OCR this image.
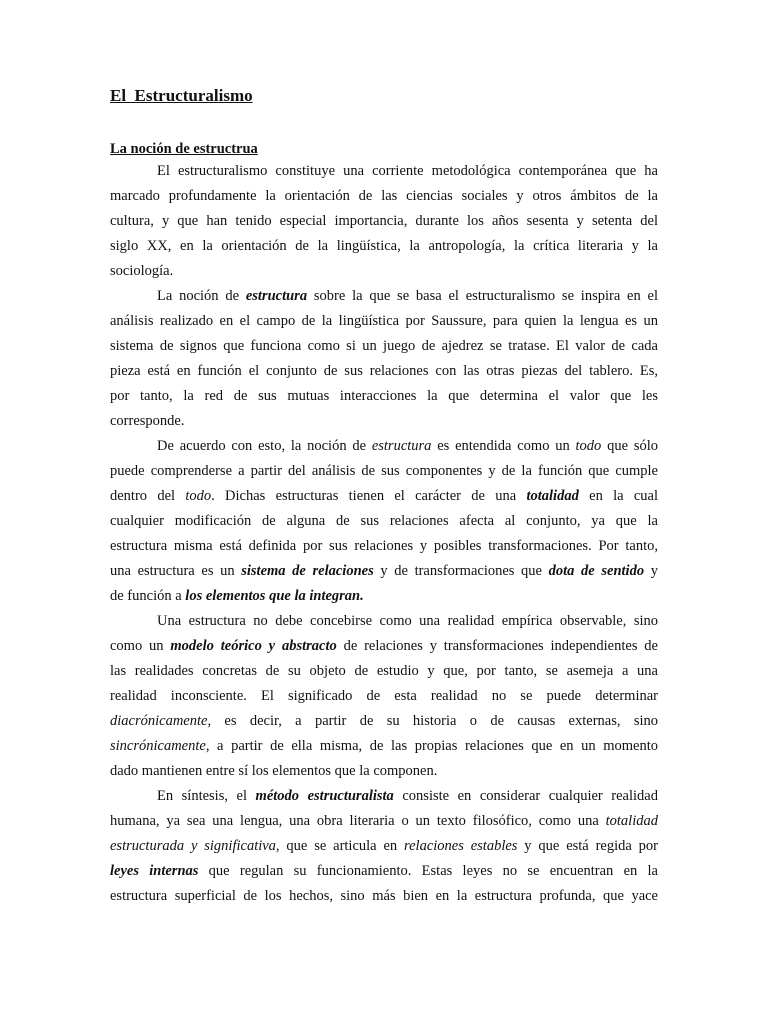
El  Estructuralismo
La noción de estructrua

El estructuralismo constituye una corriente metodológica contemporánea que ha

marcado profundamente la orientación de las ciencias sociales y otros ámbitos de la

cultura, y que han tenido especial importancia, durante los años sesenta y setenta del

siglo XX, en la orientación de la lingüística, la antropología, la crítica literaria y la

sociología.

La noción de estructura sobre la que se basa el estructuralismo se inspira en el

análisis realizado en el campo de la lingüística por Saussure, para quien la lengua es un

sistema de signos que funciona como si un juego de ajedrez se tratase. El valor de cada

pieza está en función el conjunto de sus relaciones con las otras piezas del tablero. Es,

por tanto, la red de sus mutuas interacciones la que determina el valor que les

corresponde.

De acuerdo con esto, la noción de estructura es entendida como un todo que sólo

puede comprenderse a partir del análisis de sus componentes y de la función que cumple

dentro del todo. Dichas estructuras tienen el carácter de una totalidad en la cual

cualquier modificación de alguna de sus relaciones afecta al conjunto, ya que la

estructura misma está definida por sus relaciones y posibles transformaciones. Por tanto,

una estructura es un sistema de relaciones y de transformaciones que dota de sentido y

de función a los elementos que la integran.

Una estructura no debe concebirse como una realidad empírica observable, sino

como un modelo teórico y abstracto de relaciones y transformaciones independientes de

las realidades concretas de su objeto de estudio y que, por tanto, se asemeja a una

realidad inconsciente. El significado de esta realidad no se puede determinar

diacrónicamente, es decir, a partir de su historia o de causas externas, sino

sincrónicamente, a partir de ella misma, de las propias relaciones que en un momento

dado mantienen entre sí los elementos que la componen.

En síntesis, el método estructuralista consiste en considerar cualquier realidad

humana, ya sea una lengua, una obra literaria o un texto filosófico, como una totalidad

estructurada y significativa, que se articula en relaciones estables y que está regida por

leyes internas que regulan su funcionamiento. Estas leyes no se encuentran en la

estructura superficial de los hechos, sino más bien en la estructura profunda, que yace
